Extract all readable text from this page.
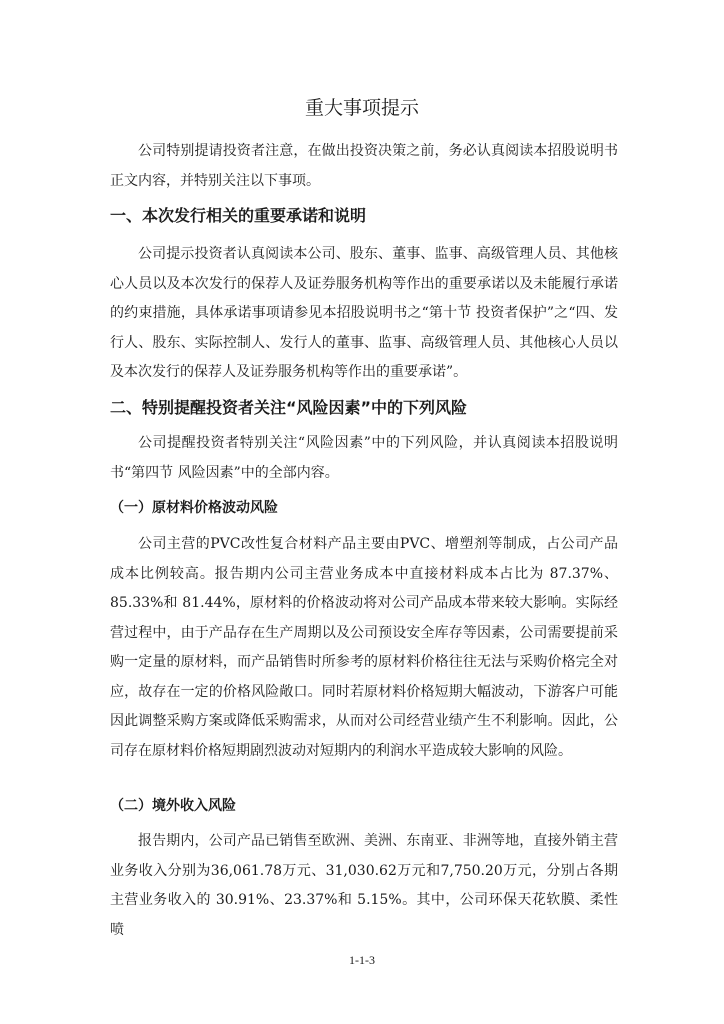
重大事项提示
公司特别提请投资者注意，在做出投资决策之前，务必认真阅读本招股说明书正文内容，并特别关注以下事项。
一、本次发行相关的重要承诺和说明
公司提示投资者认真阅读本公司、股东、董事、监事、高级管理人员、其他核心人员以及本次发行的保荐人及证券服务机构等作出的重要承诺以及未能履行承诺的约束措施，具体承诺事项请参见本招股说明书之“第十节 投资者保护”之“四、发行人、股东、实际控制人、发行人的董事、监事、高级管理人员、其他核心人员以及本次发行的保荐人及证券服务机构等作出的重要承诺”。
二、特别提醒投资者关注“风险因素”中的下列风险
公司提醒投资者特别关注“风险因素”中的下列风险，并认真阅读本招股说明书“第四节 风险因素”中的全部内容。
（一）原材料价格波动风险
公司主营的PVC改性复合材料产品主要由PVC、增塑剂等制成，占公司产品成本比例较高。报告期内公司主营业务成本中直接材料成本占比为 87.37%、85.33%和 81.44%，原材料的价格波动将对公司产品成本带来较大影响。实际经营过程中，由于产品存在生产周期以及公司预设安全库存等因素，公司需要提前采购一定量的原材料，而产品销售时所参考的原材料价格往往无法与采购价格完全对应，故存在一定的价格风险敞口。同时若原材料价格短期大幅波动，下游客户可能因此调整采购方案或降低采购需求，从而对公司经营业绩产生不利影响。因此，公司存在原材料价格短期剧烈波动对短期内的利润水平造成较大影响的风险。
（二）境外收入风险
报告期内，公司产品已销售至欧洲、美洲、东南亚、非洲等地，直接外销主营业务收入分别为36,061.78万元、31,030.62万元和7,750.20万元，分别占各期主营业务收入的 30.91%、23.37%和 5.15%。其中，公司环保天花软膜、柔性喷
1-1-3
